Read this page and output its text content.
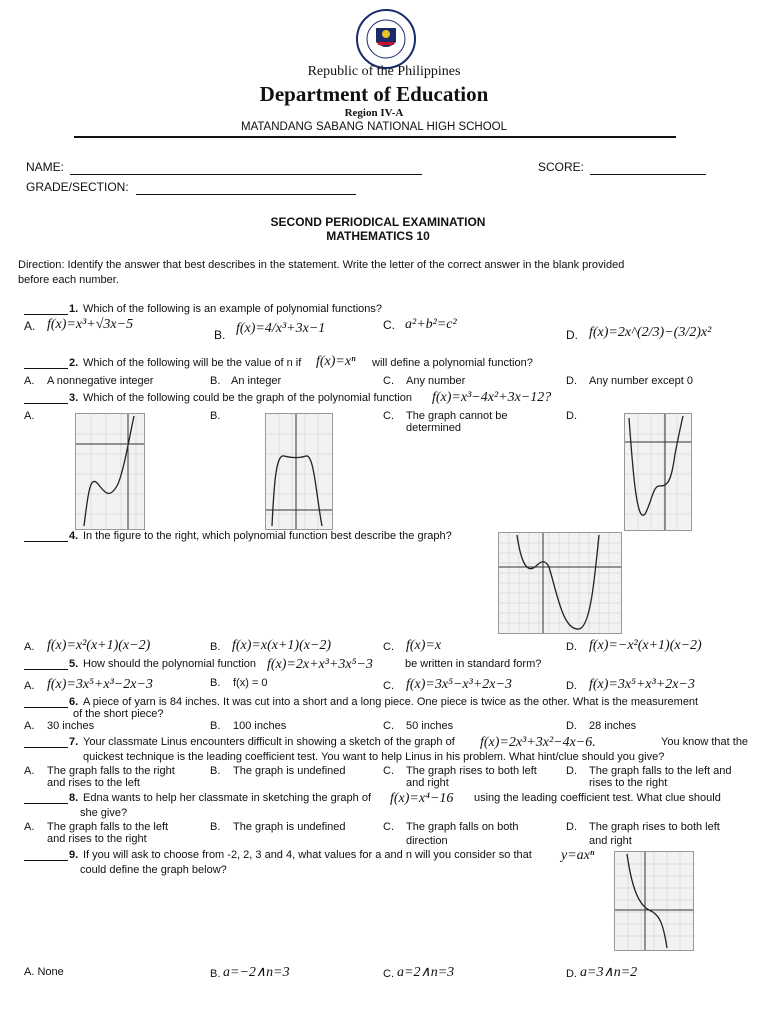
Republic of the Philippines
Department of Education
Region IV-A
MATANDANG SABANG NATIONAL HIGH SCHOOL
NAME:	SCORE:
GRADE/SECTION:
SECOND PERIODICAL EXAMINATION
MATHEMATICS 10
Direction: Identify the answer that best describes in the statement. Write the letter of the correct answer in the blank provided
before each number.
1. Which of the following is an example of polynomial functions?
A. f(x)=x³+√3x−5
B. f(x)=4/x³+3x−1	C. a²+b²=c²
D. f(x)=2x^(2/3)−(3/2)x²
2. Which of the following will be the value of n if f(x)=xⁿ will define a polynomial function?
A. A nonnegative integer	B. An integer	C. Any number	D. Any number except 0
3. Which of the following could be the graph of the polynomial function f(x)=x³−4x²+3x−12?
A.	B.	C. The graph cannot be
determined
D.
4. In the figure to the right, which polynomial function best describe the graph?
A. f(x)=x²(x+1)(x−2)	B. f(x)=x(x+1)(x−2)	C. f(x)=x	D. f(x)=−x²(x+1)(x−2)
5. How should the polynomial function f(x)=2x+x³+3x⁵−3	be written in standard form?
A. f(x)=3x⁵+x³−2x−3	B. f(x) = 0	C. f(x)=3x⁵−x³+2x−3	D. f(x)=3x⁵+x³+2x−3
6. A piece of yarn is 84 inches. It was cut into a short and a long piece. One piece is twice as the other. What is the measurement
of the short piece?
A. 30 inches	B. 100 inches	C. 50 inches	D. 28 inches
7. Your classmate Linus encounters difficult in showing a sketch of the graph of f(x)=2x³+3x²−4x−6.	You know that the
quickest technique is the leading coefficient test. You want to help Linus in his problem. What hint/clue should you give?
A. The graph falls to the right
and rises to the left
B. The graph is undefined	C. The graph rises to both left
and right
D. The graph falls to the left and
rises to the right
8. Edna wants to help her classmate in sketching the graph of f(x)=x⁴−16 using the leading coefficient test. What clue should
she give?
A. The graph falls to the left
and rises to the right
B. The graph is undefined	C. The graph falls on both
direction
D. The graph rises to both left
and right
9. If you will ask to choose from -2, 2, 3 and 4, what values for a and n will you consider so that y=axⁿ
could define the graph below?
A. None	B. a=−2∧n=3	C. a=2∧n=3	D. a=3∧n=2
